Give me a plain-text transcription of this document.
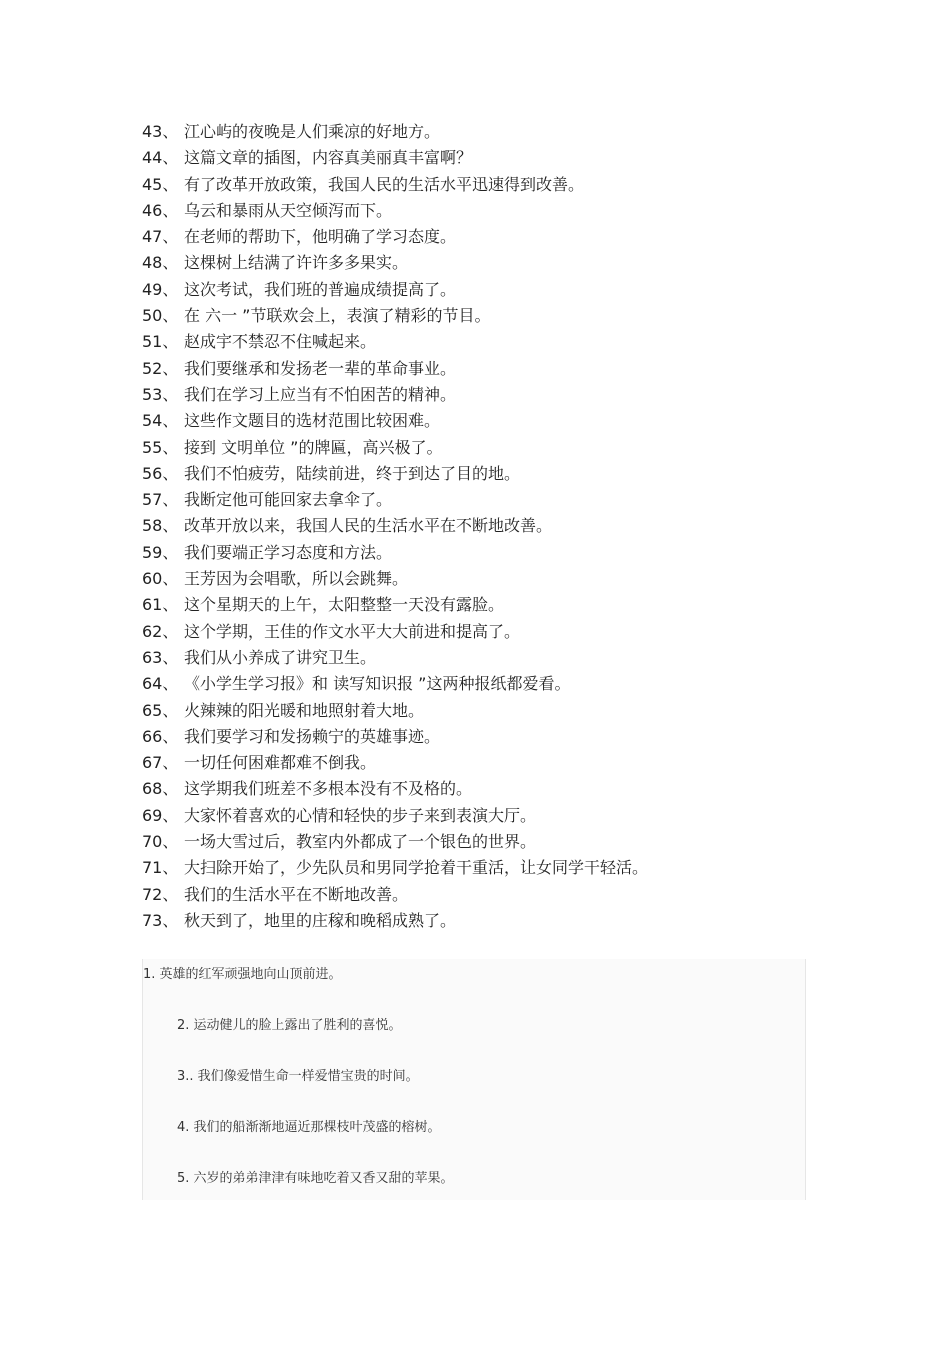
43、 江心屿的夜晚是人们乘凉的好地方。
44、 这篇文章的插图，内容真美丽真丰富啊？
45、 有了改革开放政策，我国人民的生活水平迅速得到改善。
46、 乌云和暴雨从天空倾泻而下。
47、 在老师的帮助下，他明确了学习态度。
48、 这棵树上结满了许许多多果实。
49、 这次考试，我们班的普遍成绩提高了。
50、 在 六一 ”节联欢会上，表演了精彩的节目。
51、 赵成宇不禁忍不住喊起来。
52、 我们要继承和发扬老一辈的革命事业。
53、 我们在学习上应当有不怕困苦的精神。
54、 这些作文题目的选材范围比较困难。
55、 接到 文明单位 ”的牌匾，高兴极了。
56、 我们不怕疲劳，陆续前进，终于到达了目的地。
57、 我断定他可能回家去拿伞了。
58、 改革开放以来，我国人民的生活水平在不断地改善。
59、 我们要端正学习态度和方法。
60、 王芳因为会唱歌，所以会跳舞。
61、 这个星期天的上午，太阳整整一天没有露脸。
62、 这个学期，王佳的作文水平大大前进和提高了。
63、 我们从小养成了讲究卫生。
64、 《小学生学习报》和 读写知识报 ”这两种报纸都爱看。
65、 火辣辣的阳光暖和地照射着大地。
66、 我们要学习和发扬赖宁的英雄事迹。
67、 一切任何困难都难不倒我。
68、 这学期我们班差不多根本没有不及格的。
69、 大家怀着喜欢的心情和轻快的步子来到表演大厅。
70、 一场大雪过后，教室内外都成了一个银色的世界。
71、 大扫除开始了，少先队员和男同学抢着干重活，让女同学干轻活。
72、 我们的生活水平在不断地改善。
73、 秋天到了，地里的庄稼和晚稻成熟了。
1. 英雄的红军顽强地向山顶前进。
2. 运动健儿的脸上露出了胜利的喜悦。
3.. 我们像爱惜生命一样爱惜宝贵的时间。
4. 我们的船渐渐地逼近那棵枝叶茂盛的榕树。
5. 六岁的弟弟津津有味地吃着又香又甜的苹果。
